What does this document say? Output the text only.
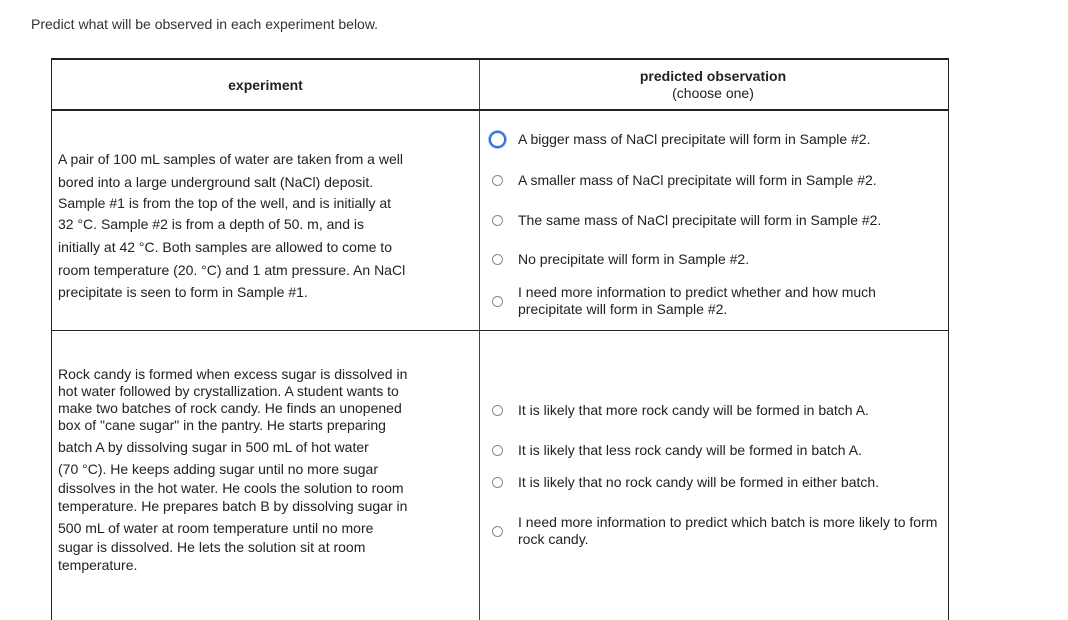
Predict what will be observed in each experiment below.
experiment
predicted observation
(choose one)
A pair of 100 mL samples of water are taken from a well
bored into a large underground salt (NaCl) deposit.
Sample #1 is from the top of the well, and is initially at
32 °C. Sample #2 is from a depth of 50. m, and is
initially at 42 °C. Both samples are allowed to come to
room temperature (20. °C) and 1 atm pressure. An NaCl
precipitate is seen to form in Sample #1.
A bigger mass of NaCl precipitate will form in Sample #2.
A smaller mass of NaCl precipitate will form in Sample #2.
The same mass of NaCl precipitate will form in Sample #2.
No precipitate will form in Sample #2.
I need more information to predict whether and how much precipitate will form in Sample #2.
Rock candy is formed when excess sugar is dissolved in
hot water followed by crystallization. A student wants to
make two batches of rock candy. He finds an unopened
box of "cane sugar" in the pantry. He starts preparing
batch A by dissolving sugar in 500 mL of hot water
(70 °C). He keeps adding sugar until no more sugar
dissolves in the hot water. He cools the solution to room
temperature. He prepares batch B by dissolving sugar in
500 mL of water at room temperature until no more
sugar is dissolved. He lets the solution sit at room
temperature.
It is likely that more rock candy will be formed in batch A.
It is likely that less rock candy will be formed in batch A.
It is likely that no rock candy will be formed in either batch.
I need more information to predict which batch is more likely to form rock candy.
